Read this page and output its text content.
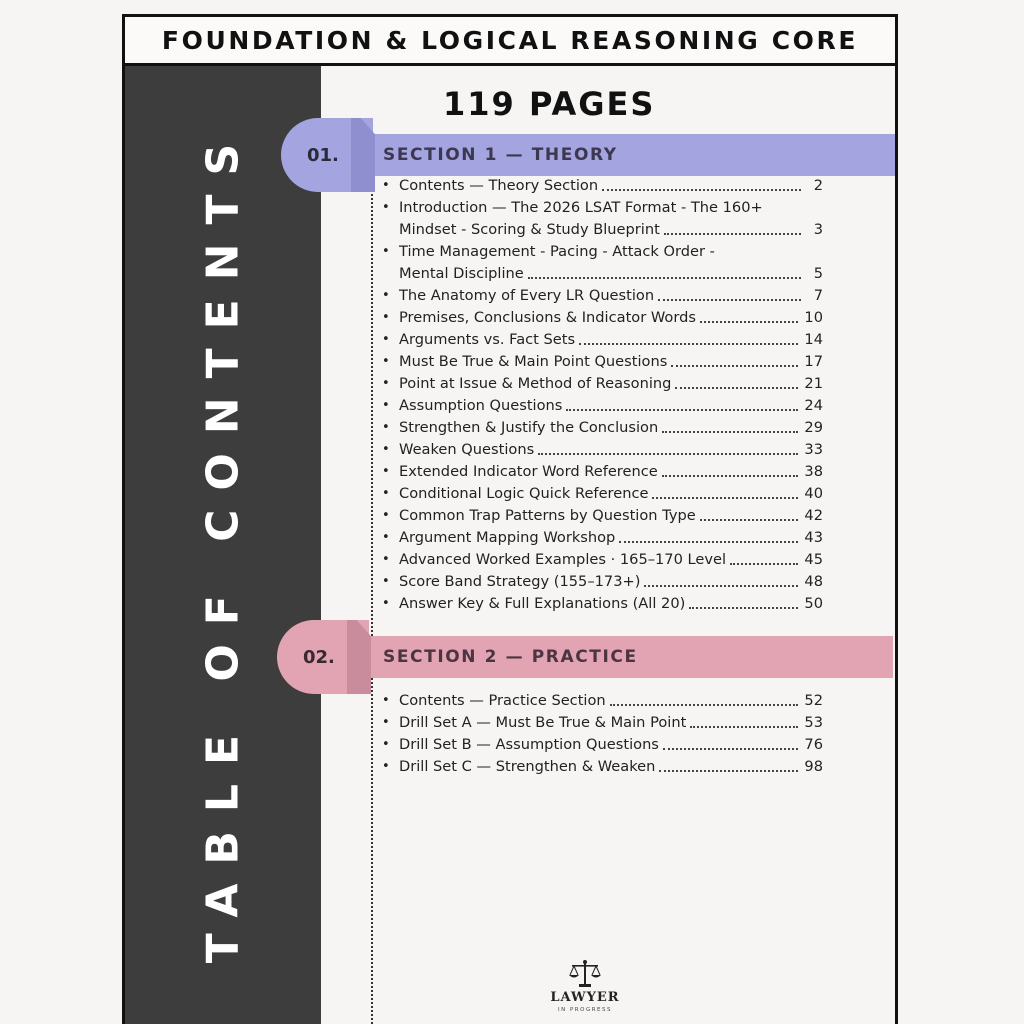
FOUNDATION & LOGICAL REASONING CORE
TABLE OF CONTENTS
119 PAGES
SECTION 1 — THEORY
01.
• Contents — Theory Section	2
• Introduction — The 2026 LSAT Format - The 160+
Mindset - Scoring & Study Blueprint	3
• Time Management - Pacing - Attack Order -
Mental Discipline	5
• The Anatomy of Every LR Question	7
• Premises, Conclusions & Indicator Words	10
• Arguments vs. Fact Sets	14
• Must Be True & Main Point Questions	17
• Point at Issue & Method of Reasoning	21
• Assumption Questions	24
• Strengthen & Justify the Conclusion	29
• Weaken Questions	33
• Extended Indicator Word Reference	38
• Conditional Logic Quick Reference	40
• Common Trap Patterns by Question Type	42
• Argument Mapping Workshop	43
• Advanced Worked Examples · 165–170 Level	45
• Score Band Strategy (155–173+)	48
• Answer Key & Full Explanations (All 20)	50
SECTION 2 — PRACTICE
02.
• Contents — Practice Section	52
• Drill Set A — Must Be True & Main Point	53
• Drill Set B — Assumption Questions	76
• Drill Set C — Strengthen & Weaken	98
LAWYER
IN PROGRESS
